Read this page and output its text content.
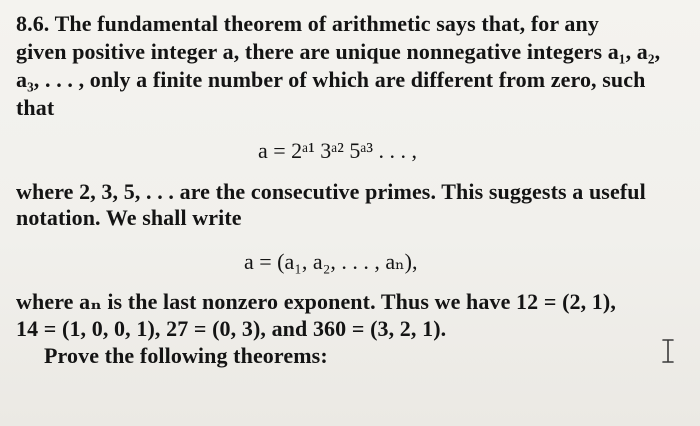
8.6. The fundamental theorem of arithmetic says that, for any
given positive integer a, there are unique nonnegative integers a₁, a₂,
a₃, . . . , only a finite number of which are different from zero, such
that
a = 2ᵃ¹ 3ᵃ² 5ᵃ³ . . . ,
where 2, 3, 5, . . . are the consecutive primes. This suggests a useful
notation. We shall write
a = (a₁, a₂, . . . , aₙ),
where aₙ is the last nonzero exponent. Thus we have 12 = (2, 1),
14 = (1, 0, 0, 1), 27 = (0, 3), and 360 = (3, 2, 1).
Prove the following theorems:
